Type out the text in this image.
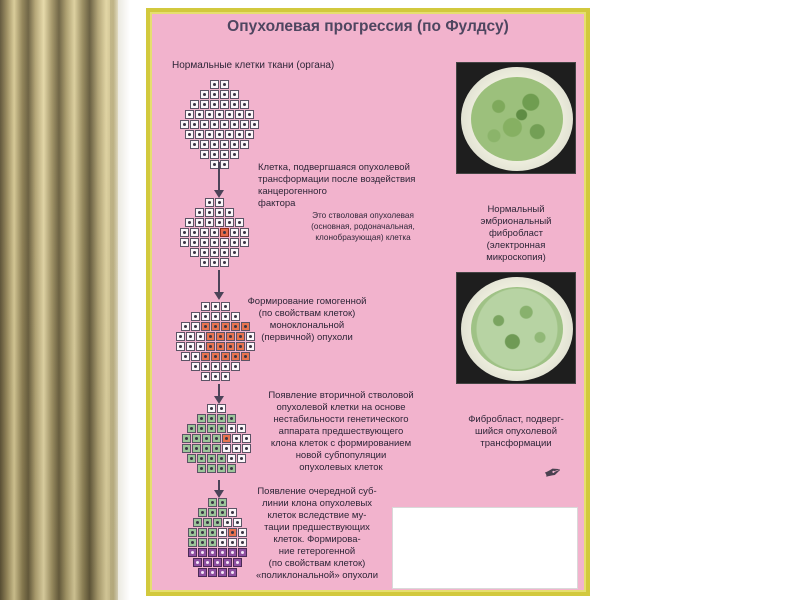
Опухолевая прогрессия (по Фулдсу)
Нормальные клетки ткани (органа)
Клетка, подвергшаяся опухолевой
трансформации после воздействия
канцерогенного
фактора
Это стволовая опухолевая
(основная, родоначальная,
клонобразующая) клетка
Формирование гомогенной
(по свойствам клеток)
моноклональной
(первичной) опухоли
Появление вторичной стволовой
опухолевой клетки на основе
нестабильности генетического
аппарата предшествующего
клона клеток с формированием
новой субпопуляции
опухолевых клеток
Появление очередной суб-
линии клона опухолевых
клеток вследствие му-
тации предшествующих
клеток. Формирова-
ние гетерогенной
(по свойствам клеток)
«поликлональной» опухоли
Нормальный
эмбриональный
фибробласт
(электронная
микроскопия)
Фибробласт, подверг-
шийся опухолевой
трансформации
✒
